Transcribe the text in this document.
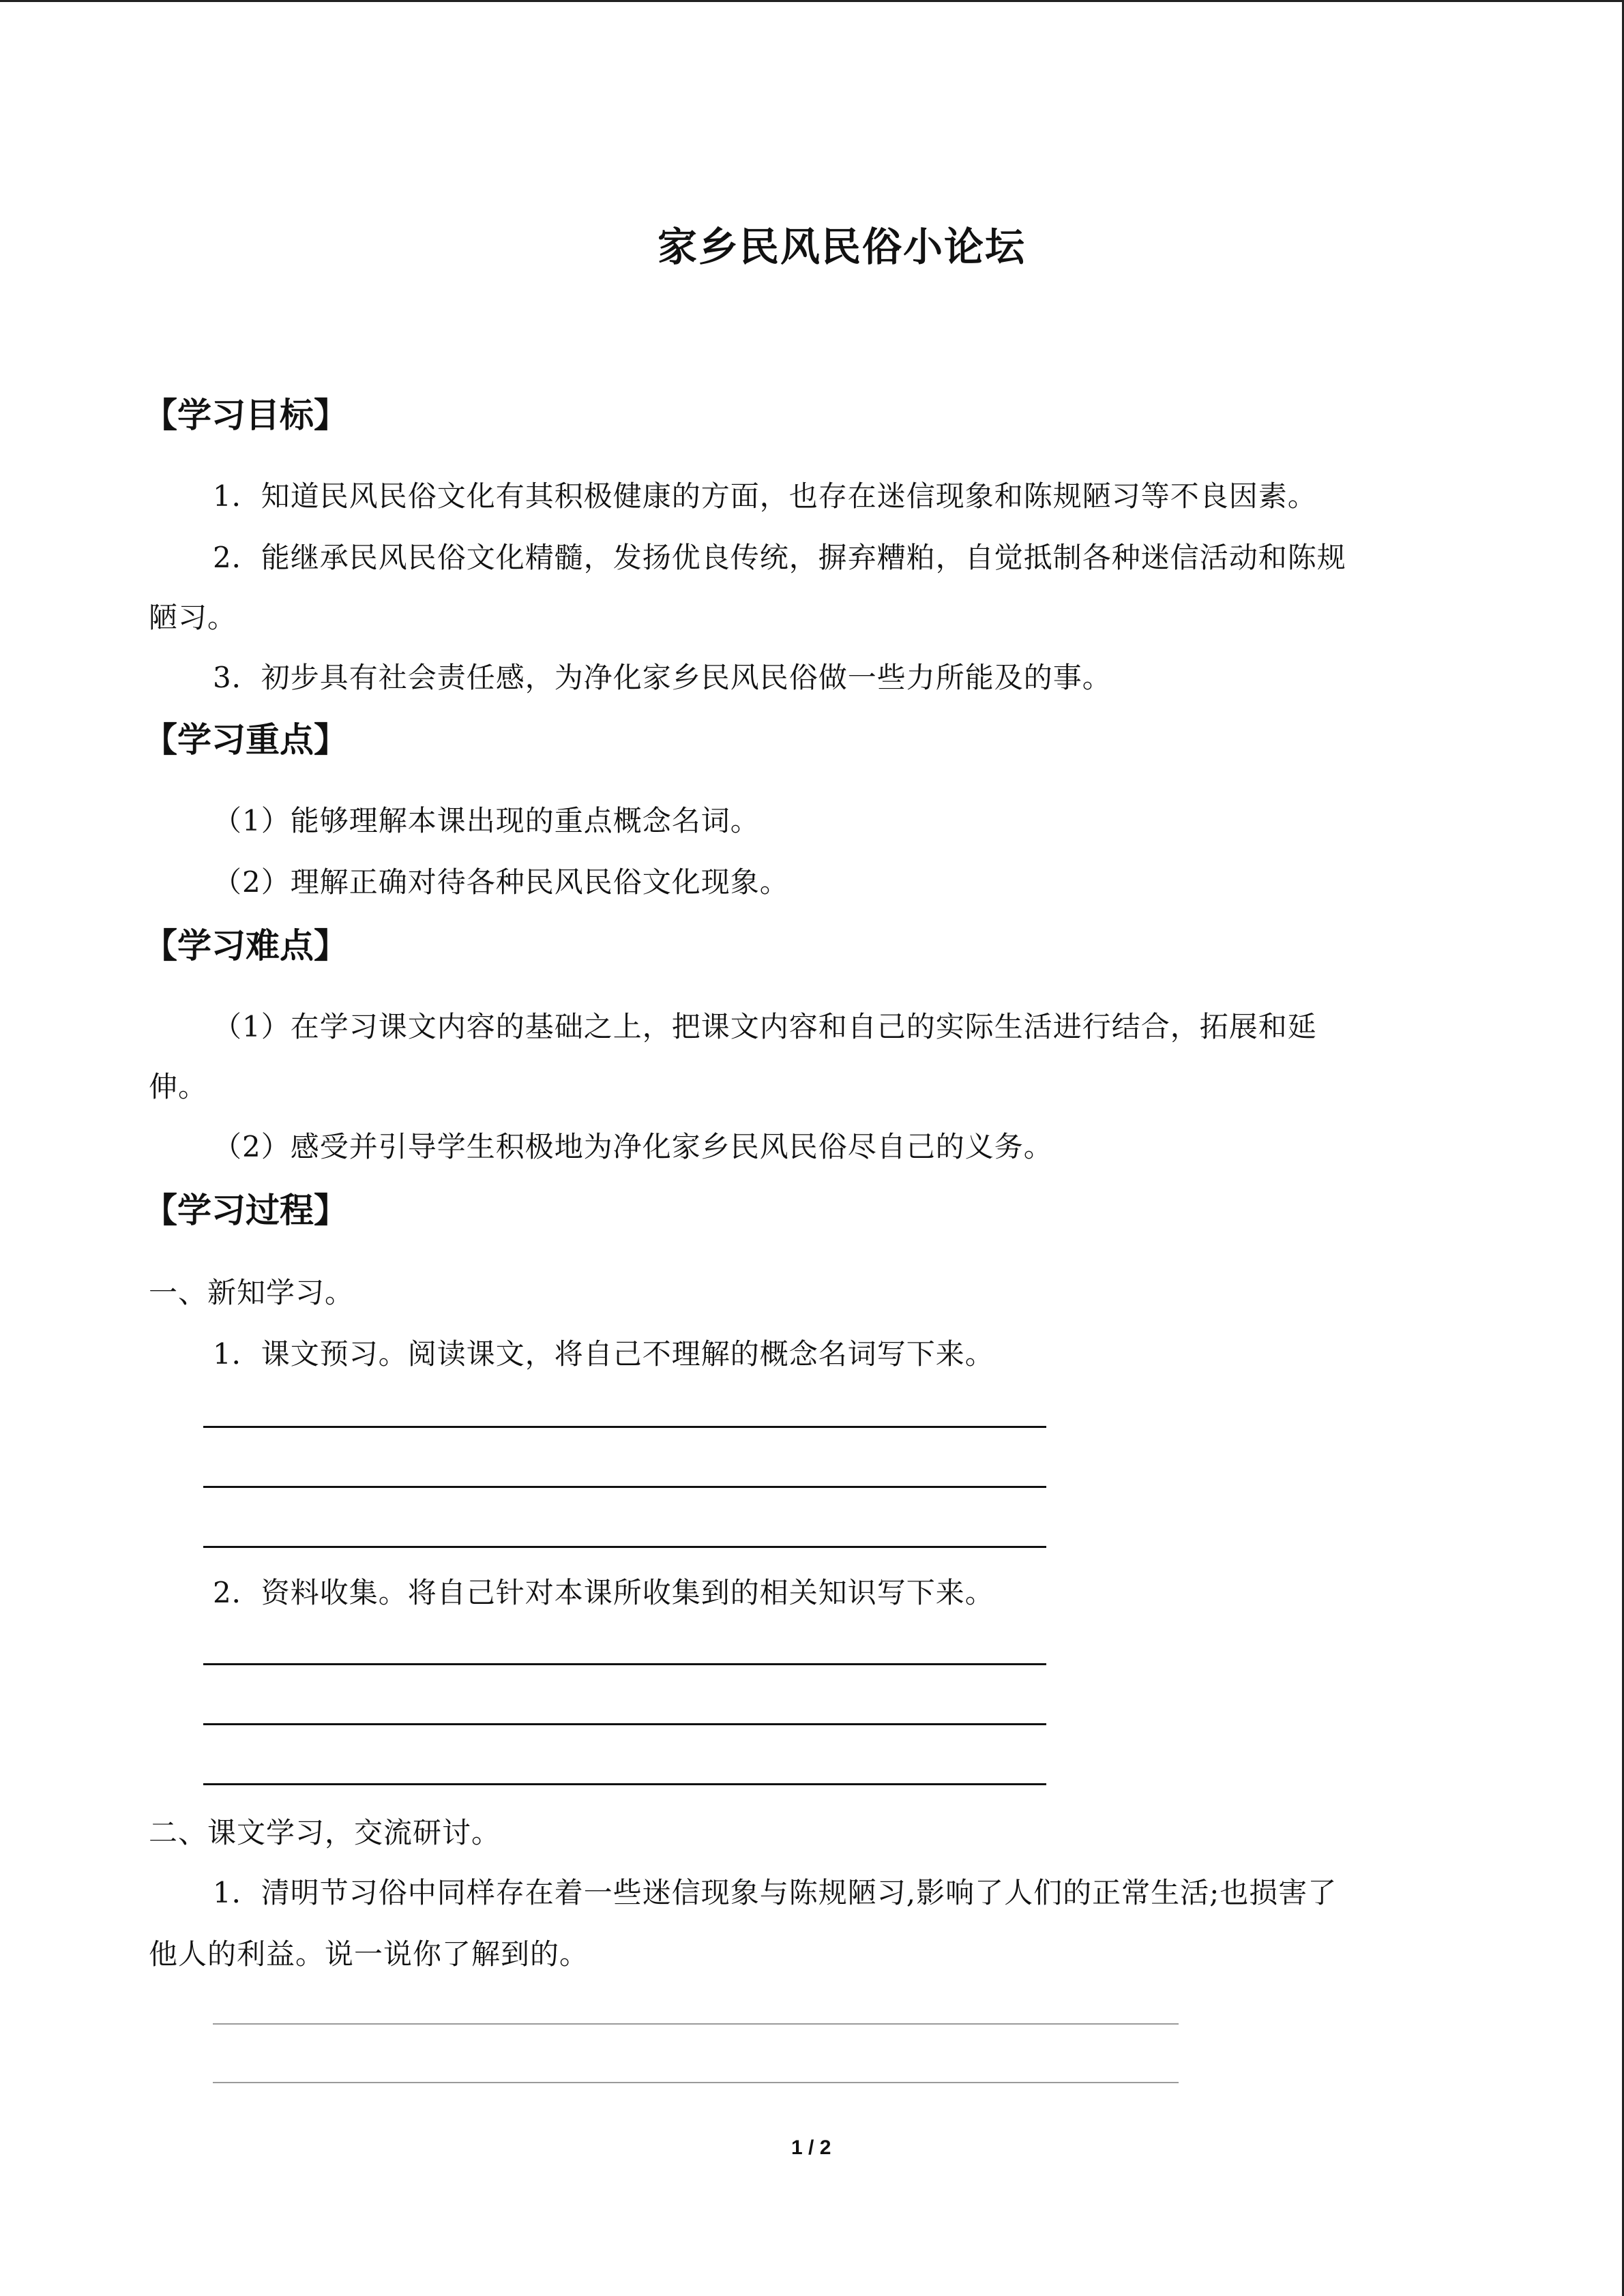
家乡民风民俗小论坛
【学习目标】
1．知道民风民俗文化有其积极健康的方面，也存在迷信现象和陈规陋习等不良因素。
2．能继承民风民俗文化精髓，发扬优良传统，摒弃糟粕，自觉抵制各种迷信活动和陈规
陋习。
3．初步具有社会责任感，为净化家乡民风民俗做一些力所能及的事。
【学习重点】
（1）能够理解本课出现的重点概念名词。
（2）理解正确对待各种民风民俗文化现象。
【学习难点】
（1）在学习课文内容的基础之上，把课文内容和自己的实际生活进行结合，拓展和延
伸。
（2）感受并引导学生积极地为净化家乡民风民俗尽自己的义务。
【学习过程】
一、新知学习。
1．课文预习。阅读课文，将自己不理解的概念名词写下来。
2．资料收集。将自己针对本课所收集到的相关知识写下来。
二、课文学习，交流研讨。
1．清明节习俗中同样存在着一些迷信现象与陈规陋习,影响了人们的正常生活;也损害了
他人的利益。说一说你了解到的。
1 / 2
